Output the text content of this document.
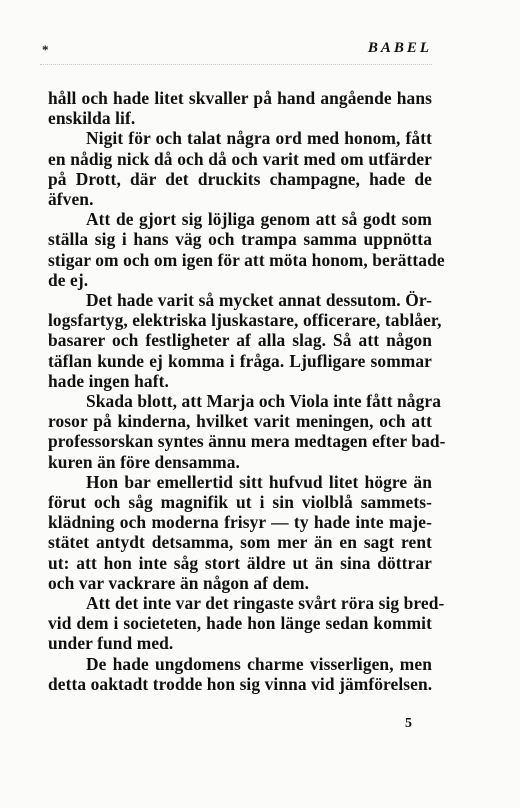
*	BABEL
håll och hade litet skvaller på hand angående hans
enskilda lif.
Nigit för och talat några ord med honom, fått
en nådig nick då och då och varit med om utfärder
på Drott, där det druckits champagne, hade de
äfven.
Att de gjort sig löjliga genom att så godt som
ställa sig i hans väg och trampa samma uppnötta
stigar om och om igen för att möta honom, berättade
de ej.
Det hade varit så mycket annat dessutom. Ör-
logsfartyg, elektriska ljuskastare, officerare, tablåer,
basarer och festligheter af alla slag. Så att någon
täflan kunde ej komma i fråga. Ljufligare sommar
hade ingen haft.
Skada blott, att Marja och Viola inte fått några
rosor på kinderna, hvilket varit meningen, och att
professorskan syntes ännu mera medtagen efter bad-
kuren än före densamma.
Hon bar emellertid sitt hufvud litet högre än
förut och såg magnifik ut i sin violblå sammets-
klädning och moderna frisyr — ty hade inte maje-
stätet antydt detsamma, som mer än en sagt rent
ut: att hon inte såg stort äldre ut än sina döttrar
och var vackrare än någon af dem.
Att det inte var det ringaste svårt röra sig bred-
vid dem i societeten, hade hon länge sedan kommit
under fund med.
De hade ungdomens charme visserligen, men
detta oaktadt trodde hon sig vinna vid jämförelsen.
5
